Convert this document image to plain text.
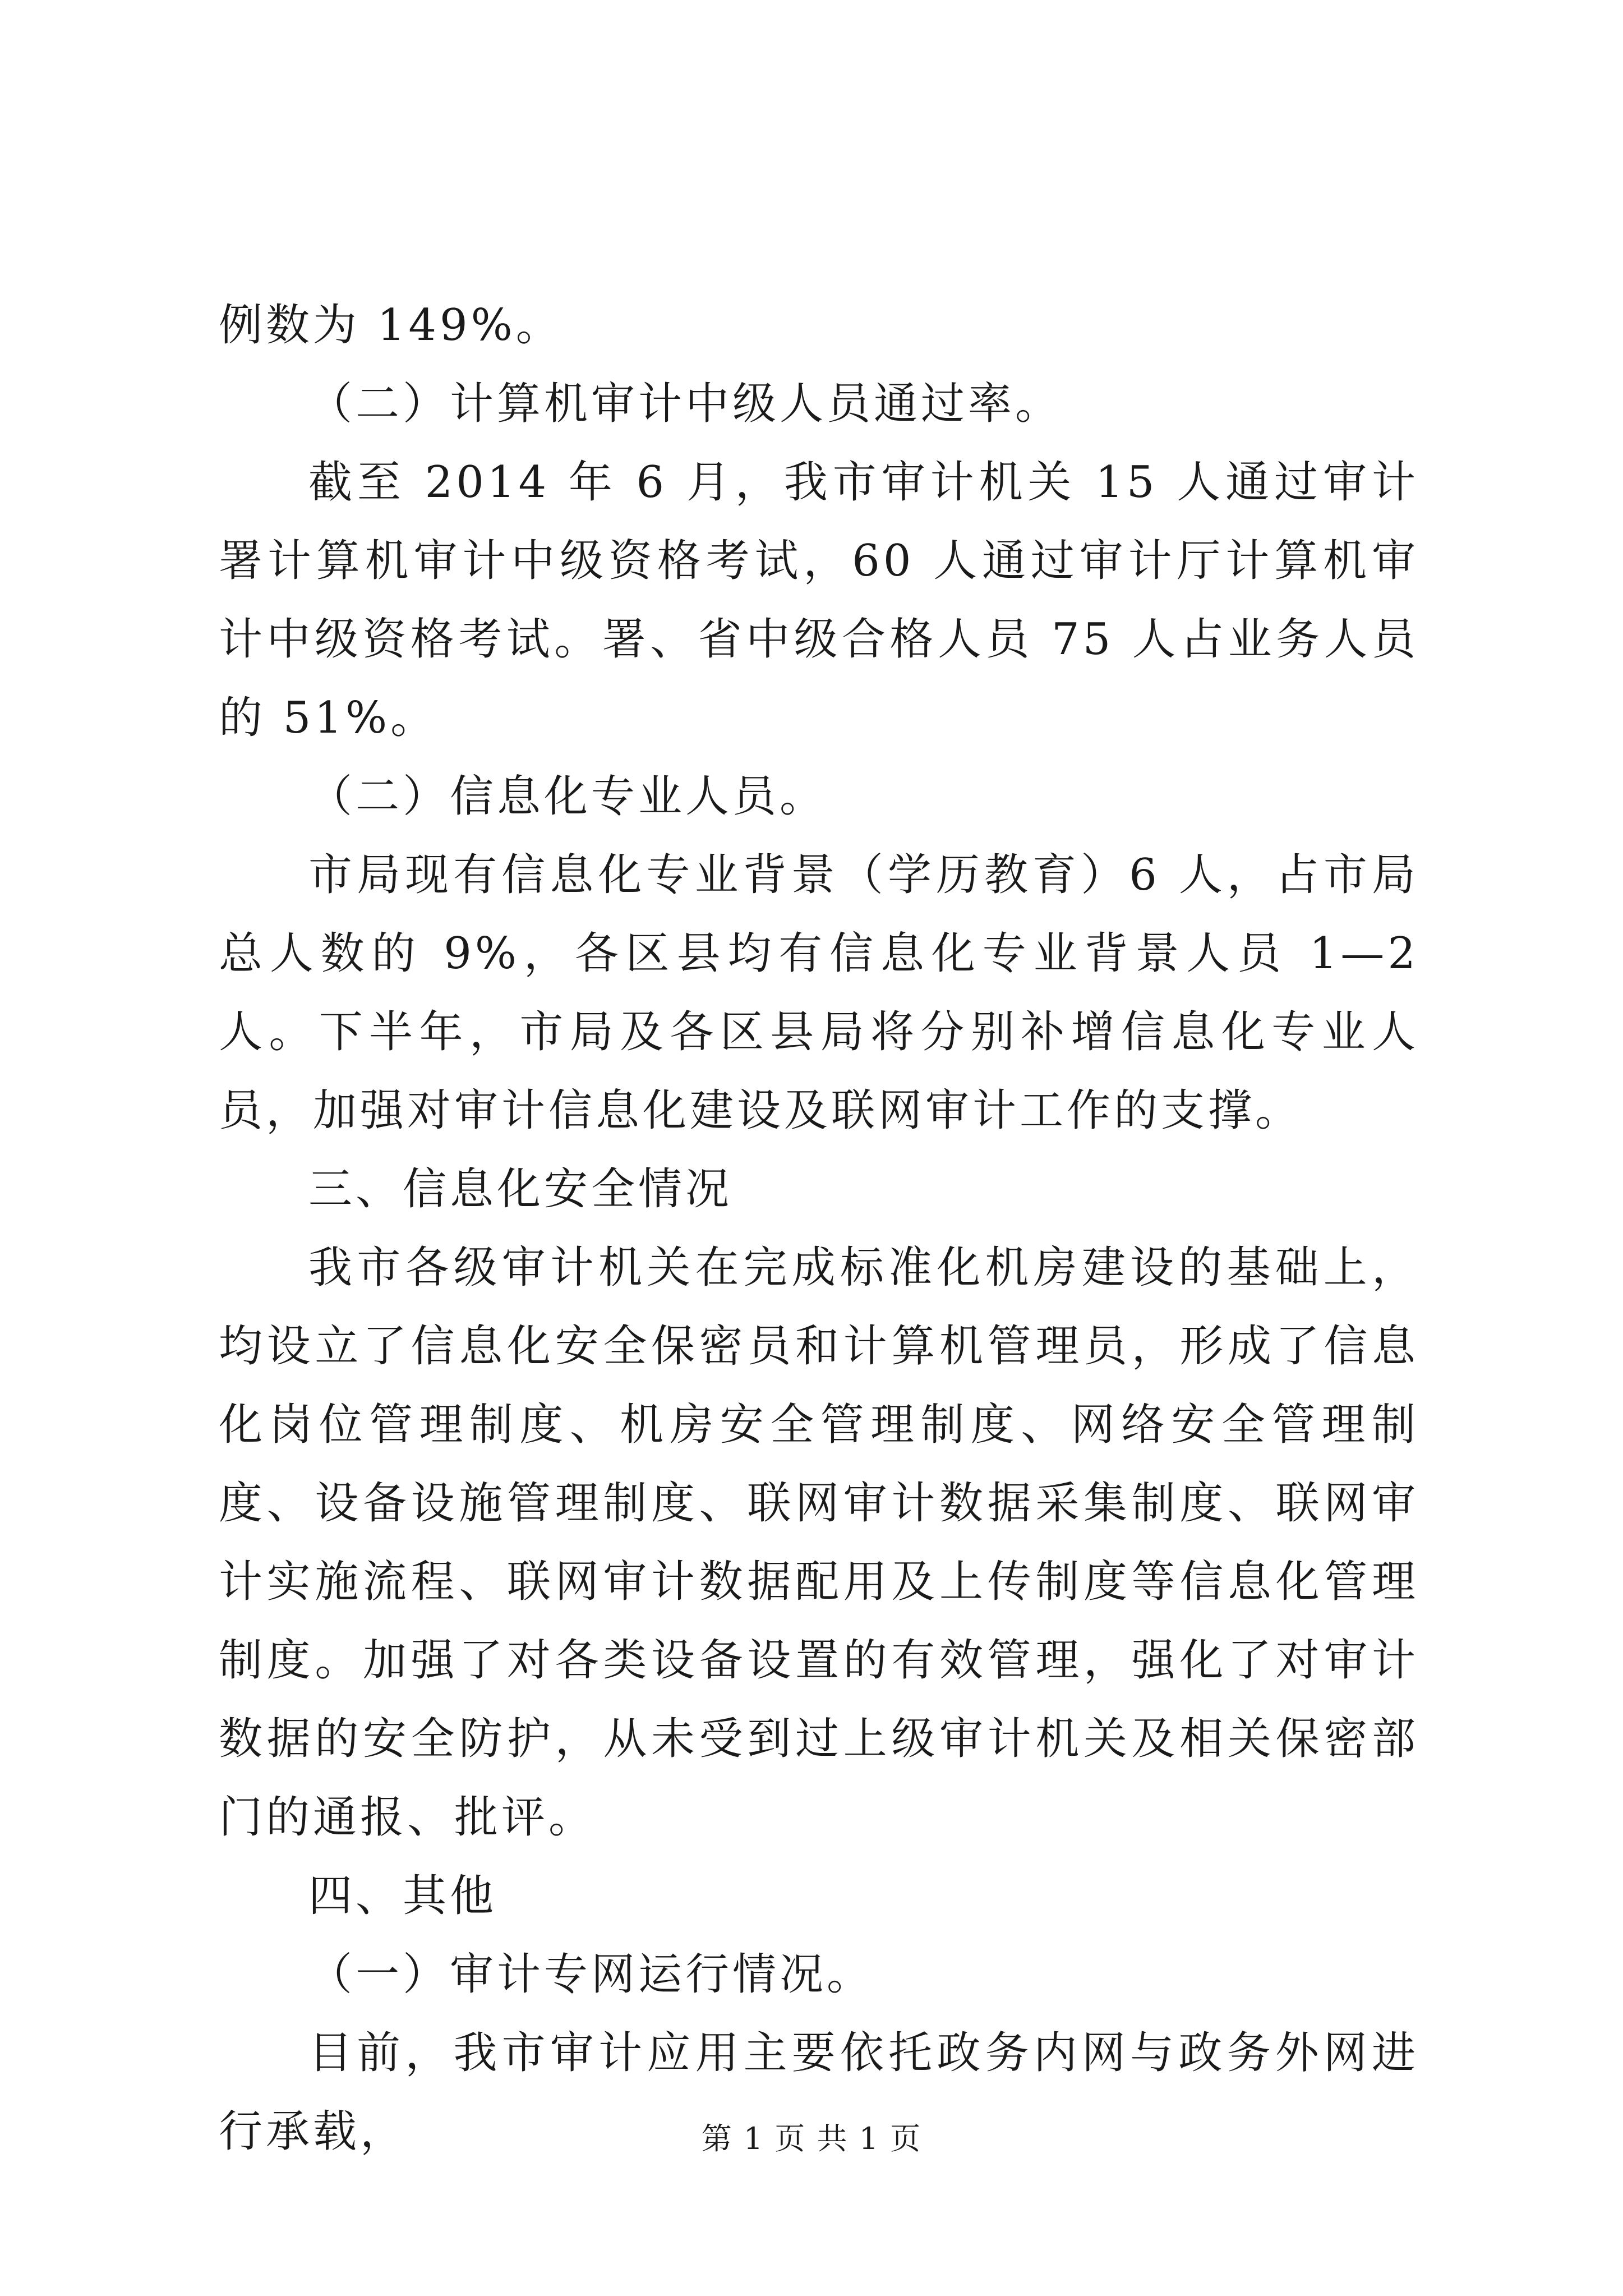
例数为 149%。

（二）计算机审计中级人员通过率。

截至 2014 年 6 月，我市审计机关 15 人通过审计署计算机审计中级资格考试，60 人通过审计厅计算机审计中级资格考试。署、省中级合格人员 75 人占业务人员的 51%。

（二）信息化专业人员。

市局现有信息化专业背景（学历教育）6 人，占市局总人数的 9%，各区县均有信息化专业背景人员 1—2 人。下半年，市局及各区县局将分别补增信息化专业人员，加强对审计信息化建设及联网审计工作的支撑。

三、信息化安全情况

我市各级审计机关在完成标准化机房建设的基础上，均设立了信息化安全保密员和计算机管理员，形成了信息化岗位管理制度、机房安全管理制度、网络安全管理制度、设备设施管理制度、联网审计数据采集制度、联网审计实施流程、联网审计数据配用及上传制度等信息化管理制度。加强了对各类设备设置的有效管理，强化了对审计数据的安全防护，从未受到过上级审计机关及相关保密部门的通报、批评。

四、其他

（一）审计专网运行情况。

目前，我市审计应用主要依托政务内网与政务外网进行承载，	第 1 页 共 1 页
